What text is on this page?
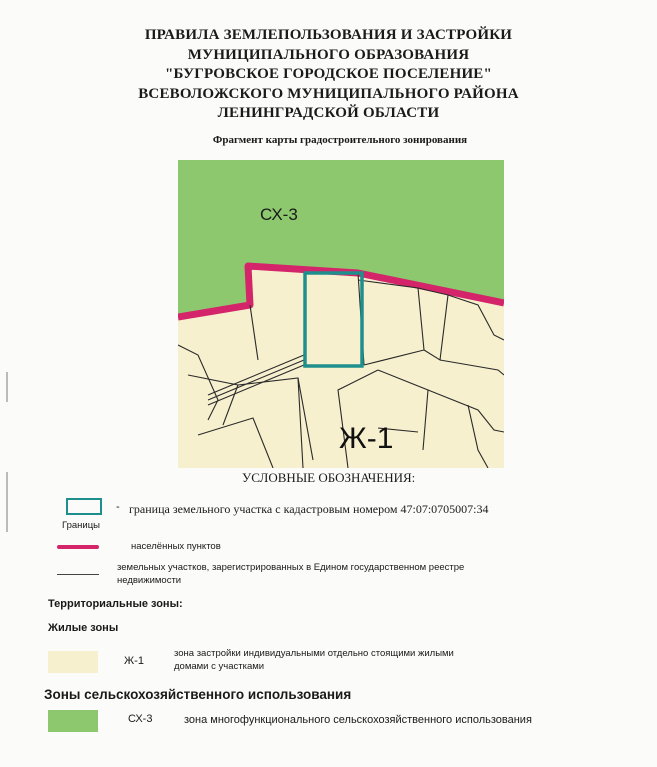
ПРАВИЛА ЗЕМЛЕПОЛЬЗОВАНИЯ И ЗАСТРОЙКИ
МУНИЦИПАЛЬНОГО ОБРАЗОВАНИЯ
"БУГРОВСКОЕ ГОРОДСКОЕ ПОСЕЛЕНИЕ"
ВСЕВОЛОЖСКОГО МУНИЦИПАЛЬНОГО РАЙОНА
ЛЕНИНГРАДСКОЙ ОБЛАСТИ
Фрагмент карты градостроительного зонирования
СХ-3
Ж-1
УСЛОВНЫЕ ОБОЗНАЧЕНИЯ:
- граница земельного участка с кадастровым номером 47:07:0705007:34
Границы
населённых пунктов
земельных участков, зарегистрированных в Едином государственном реестре
недвижимости
Территориальные зоны:
Жилые зоны
Ж-1
зона застройки индивидуальными отдельно стоящими жилыми
домами с участками
Зоны сельскохозяйственного использования
СХ-3	зона многофункционального сельскохозяйственного использования
